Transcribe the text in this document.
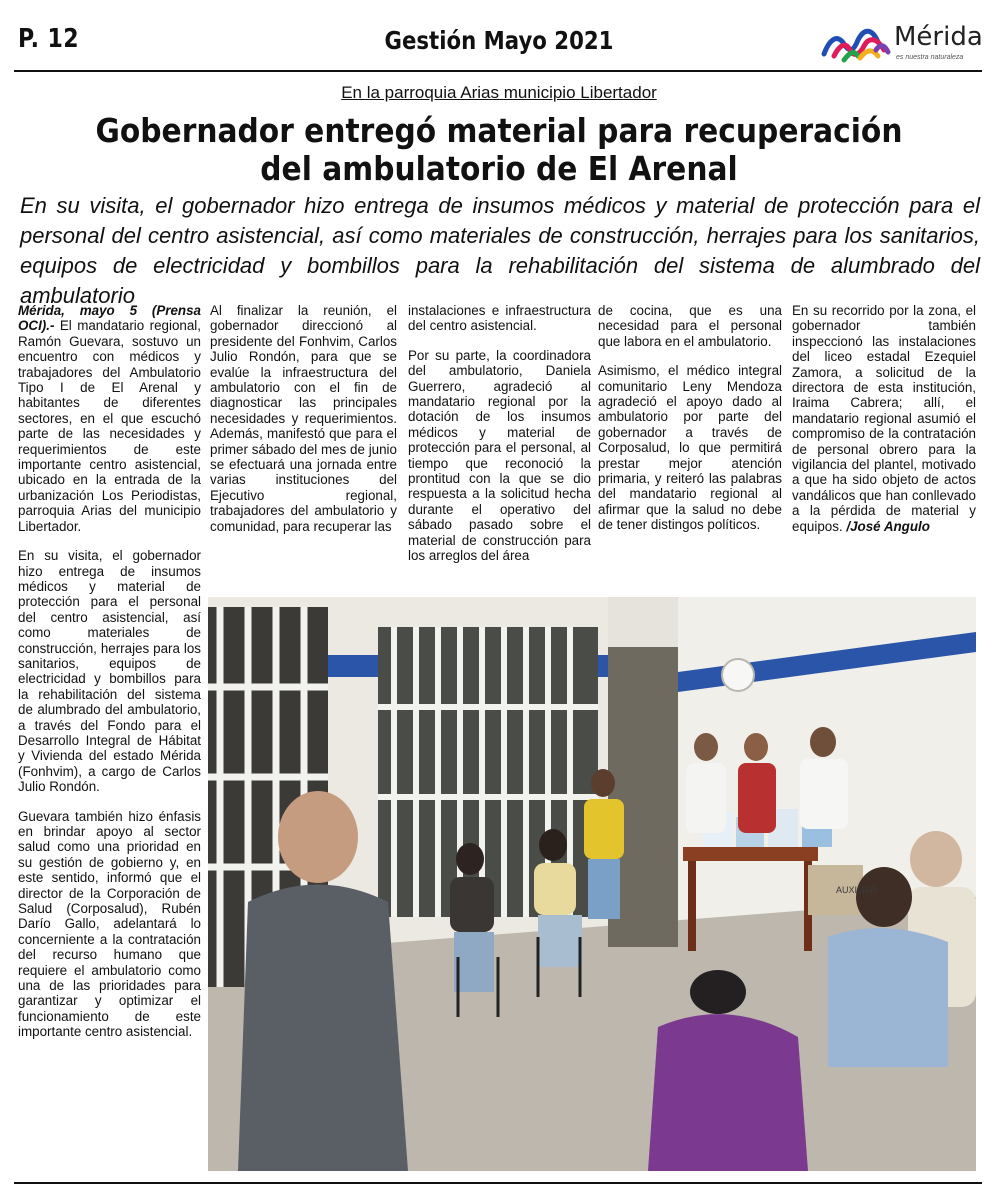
P. 12	Gestión Mayo 2021	Mérida
es nuestra naturaleza
En la parroquia Arias municipio Libertador
Gobernador entregó material para recuperación
del ambulatorio de El Arenal
En su visita, el gobernador hizo entrega de insumos médicos y material de protección para el personal del centro asistencial, así como materiales de construcción, herrajes para los sanitarios, equipos de electricidad y bombillos para la rehabilitación del sistema de alumbrado del ambulatorio

Mérida, mayo 5 (Prensa OCI).- El mandatario regional, Ramón Guevara, sostuvo un encuentro con médicos y trabajadores del Ambulatorio Tipo I de El Arenal y habitantes de diferentes sectores, en el que escuchó parte de las necesidades y requerimientos de este importante centro asistencial, ubicado en la entrada de la urbanización Los Periodistas, parroquia Arias del municipio Libertador.

En su visita, el gobernador hizo entrega de insumos médicos y material de protección para el personal del centro asistencial, así como materiales de construcción, herrajes para los sanitarios, equipos de electricidad y bombillos para la rehabilitación del sistema de alumbrado del ambulatorio, a través del Fondo para el Desarrollo Integral de Hábitat y Vivienda del estado Mérida (Fonhvim), a cargo de Carlos Julio Rondón.

Guevara también hizo énfasis en brindar apoyo al sector salud como una prioridad en su gestión de gobierno y, en este sentido, informó que el director de la Corporación de Salud (Corposalud), Rubén Darío Gallo, adelantará lo concerniente a la contratación del recurso humano que requiere el ambulatorio como una de las prioridades para garantizar y optimizar el funcionamiento de este importante centro asistencial.

Al finalizar la reunión, el gobernador direccionó al presidente del Fonhvim, Carlos Julio Rondón, para que se evalúe la infraestructura del ambulatorio con el fin de diagnosticar las principales necesidades y requerimientos. Además, manifestó que para el primer sábado del mes de junio se efectuará una jornada entre varias instituciones del Ejecutivo regional, trabajadores del ambulatorio y comunidad, para recuperar las

instalaciones e infraestructura del centro asistencial.

Por su parte, la coordinadora del ambulatorio, Daniela Guerrero, agradeció al mandatario regional por la dotación de los insumos médicos y material de protección para el personal, al tiempo que reconoció la prontitud con la que se dio respuesta a la solicitud hecha durante el operativo del sábado pasado sobre el material de construcción para los arreglos del área

de cocina, que es una necesidad para el personal que labora en el ambulatorio.

Asimismo, el médico integral comunitario Leny Mendoza agradeció el apoyo dado al ambulatorio por parte del gobernador a través de Corposalud, lo que permitirá prestar mejor atención primaria, y reiteró las palabras del mandatario regional al afirmar que la salud no debe de tener distingos políticos.

En su recorrido por la zona, el gobernador también inspeccionó las instalaciones del liceo estadal Ezequiel Zamora, a solicitud de la directora de esta institución, Iraima Cabrera; allí, el mandatario regional asumió el compromiso de la contratación de personal obrero para la vigilancia del plantel, motivado a que ha sido objeto de actos vandálicos que han conllevado a la pérdida de material y equipos. /José Angulo

AUXILIAR
